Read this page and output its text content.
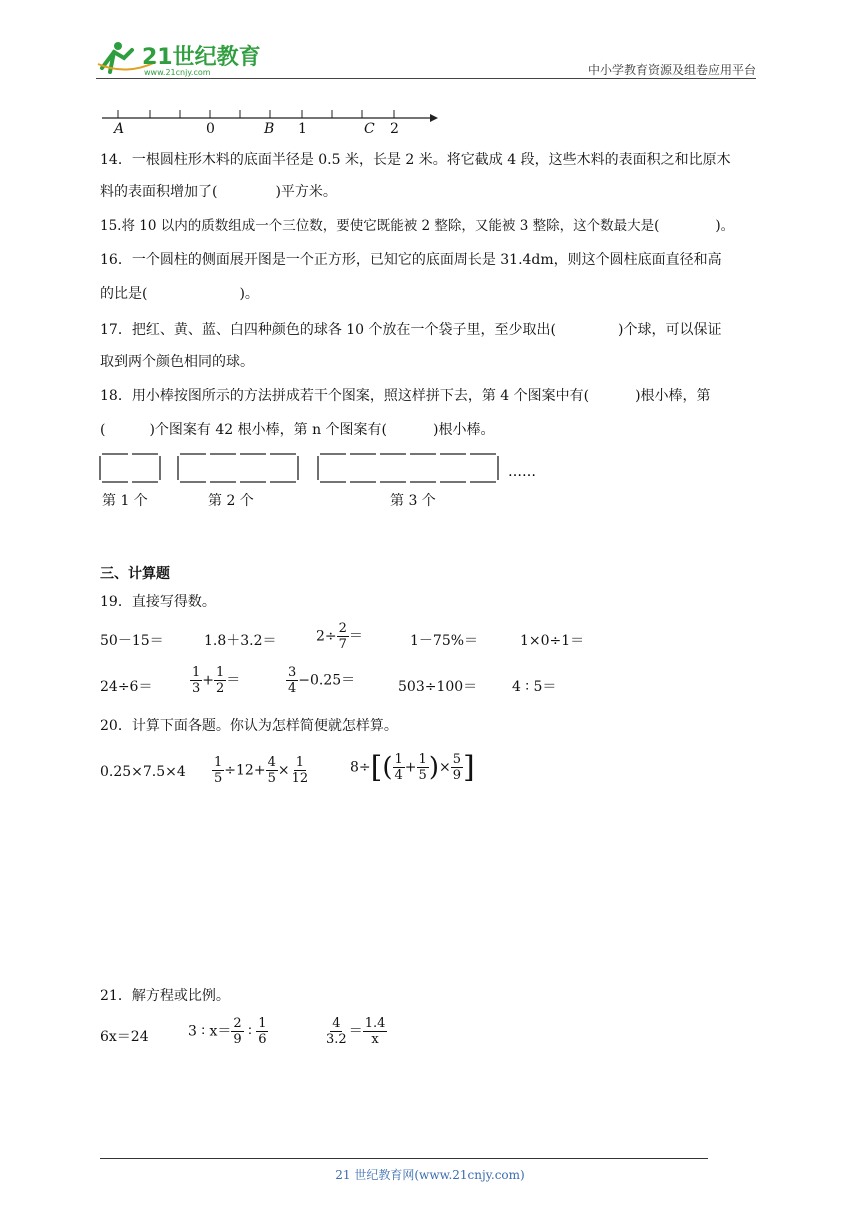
21世纪教育
www.21cnjy.com	中小学教育资源及组卷应用平台
A	0	B 1	C 2
14．一根圆柱形木料的底面半径是 0.5 米，长是 2 米。将它截成 4 段，这些木料的表面积之和比原木
料的表面积增加了(	)平方米。
15.将 10 以内的质数组成一个三位数，要使它既能被 2 整除，又能被 3 整除，这个数最大是(	)。
16．一个圆柱的侧面展开图是一个正方形，已知它的底面周长是 31.4dm，则这个圆柱底面直径和高
的比是(	)。
17．把红、黄、蓝、白四种颜色的球各 10 个放在一个袋子里，至少取出(	)个球，可以保证
取到两个颜色相同的球。
18．用小棒按图所示的方法拼成若干个图案，照这样拼下去，第 4 个图案中有(	)根小棒，第
(	)个图案有 42 根小棒，第 n 个图案有(	)根小棒。
……
第 1 个	第 2 个	第 3 个
三、计算题
19．直接写得数。
50－15＝	1.8＋3.2＝	$2\div \frac{2}{7}$ ＝	1－75%＝	1×0÷1＝
24÷6＝	$\frac{1}{3} + \frac{1}{2}$ ＝	$\frac{3}{4} -0.25=$	503÷100＝ 4 ∶ 5＝
20．计算下面各题。你认为怎样简便就怎样算。
$0.25\times 7.5\times 4 \frac{1}{5} \div 12+ \frac{4}{5} \times \frac{1}{12}$	$8\div[( \frac{1}{4} + \frac{1}{5}$ )× $\frac{5}{9}$ ]
21．解方程或比例。
6x＝24	3 ∶ $x= \frac{2}{9}$ ∶ $\frac{1}{6}$	$\frac{4}{3.2} = \frac{1.4}{x}$
21 世纪教育网(www.21cnjy.com)
